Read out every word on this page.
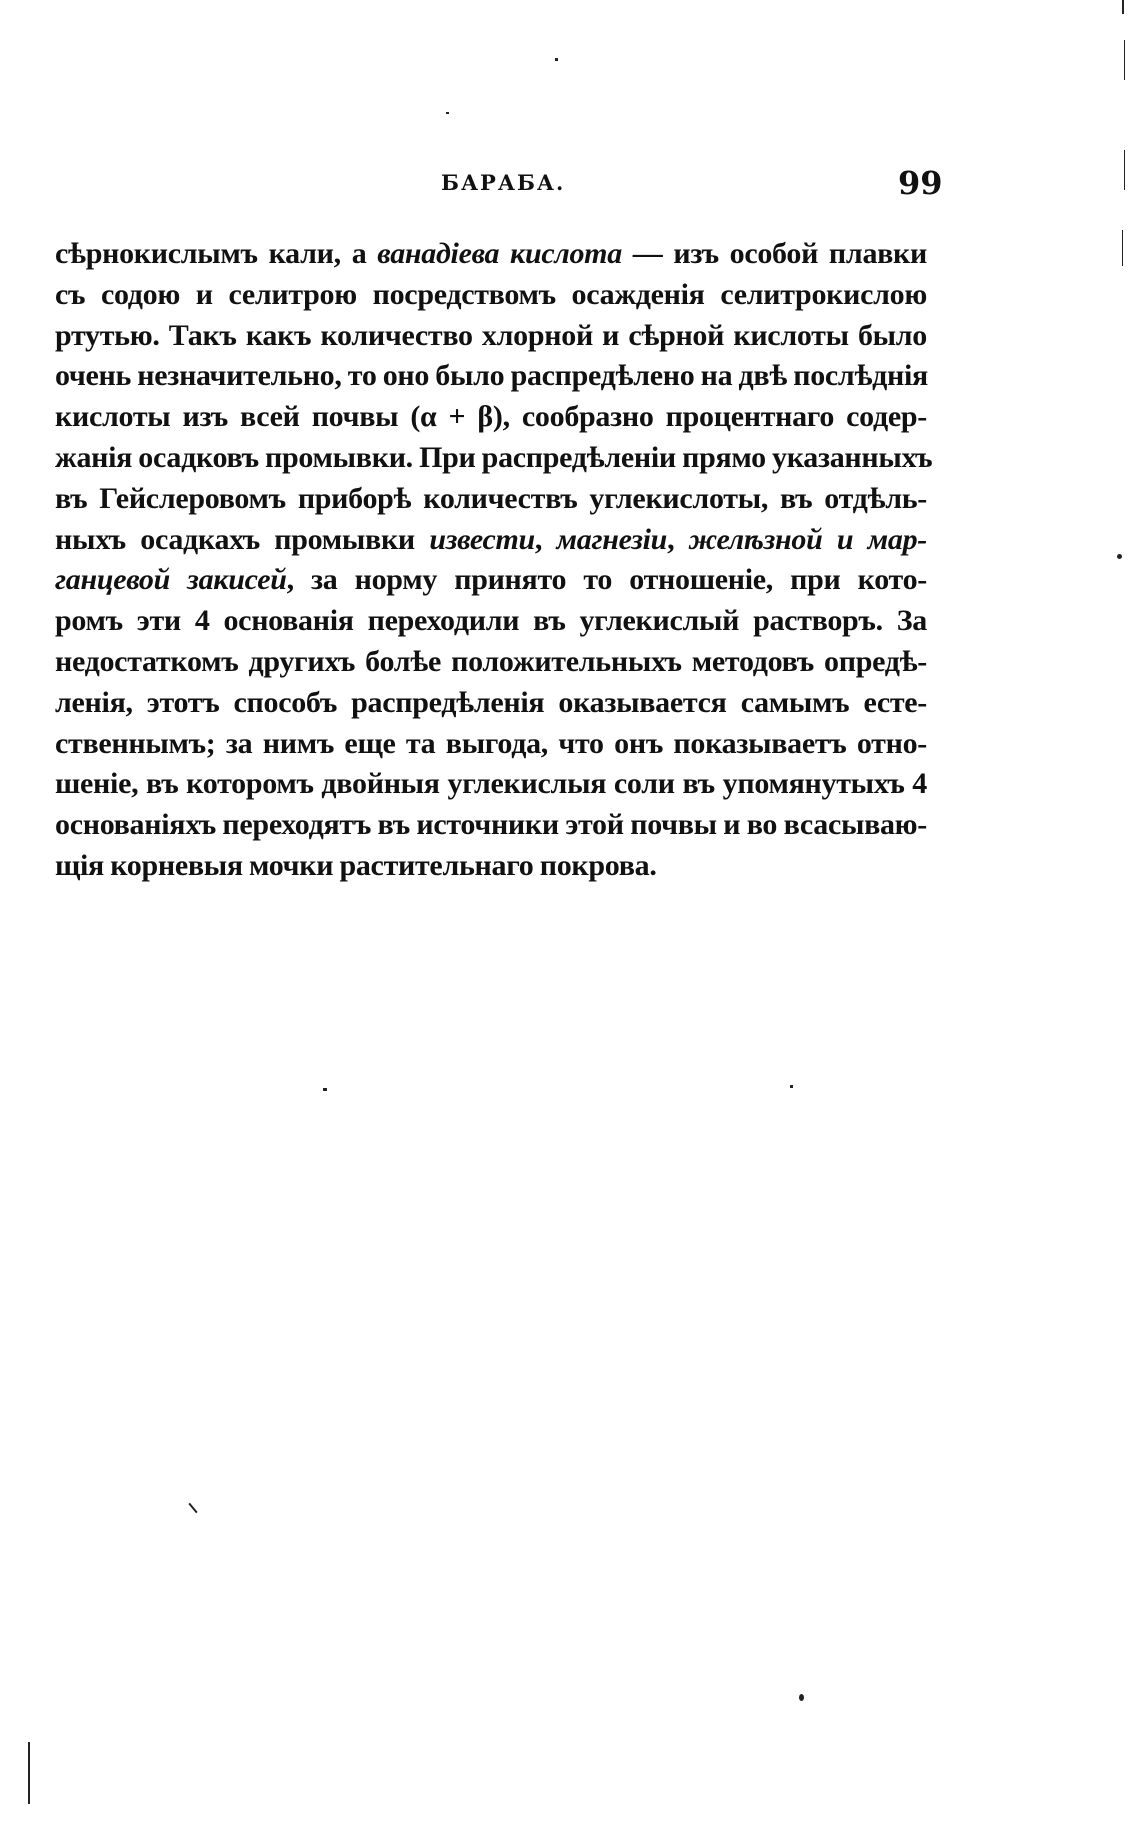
БАРАБА.	99
сѣрнокислымъ кали, а ванадіева кислота — изъ особой плавки
съ содою и селитрою посредствомъ осажденія селитрокислою
ртутью. Такъ какъ количество хлорной и сѣрной кислоты было
очень незначительно, то оно было распредѣлено на двѣ послѣднія
кислоты изъ всей почвы (α + β), сообразно процентнаго содер-
жанія осадковъ промывки. При распредѣленіи прямо указанныхъ
въ Гейслеровомъ приборѣ количествъ углекислоты, въ отдѣль-
ныхъ осадкахъ промывки извести, магнезіи, желѣзной и мар-
ганцевой закисей, за норму принято то отношеніе, при кото-
ромъ эти 4 основанія переходили въ углекислый растворъ. За
недостаткомъ другихъ болѣе положительныхъ методовъ опредѣ-
ленія, этотъ способъ распредѣленія оказывается самымъ есте-
ственнымъ; за нимъ еще та выгода, что онъ показываетъ отно-
шеніе, въ которомъ двойныя углекислыя соли въ упомянутыхъ 4
основаніяхъ переходятъ въ источники этой почвы и во всасываю-
щія корневыя мочки растительнаго покрова.
